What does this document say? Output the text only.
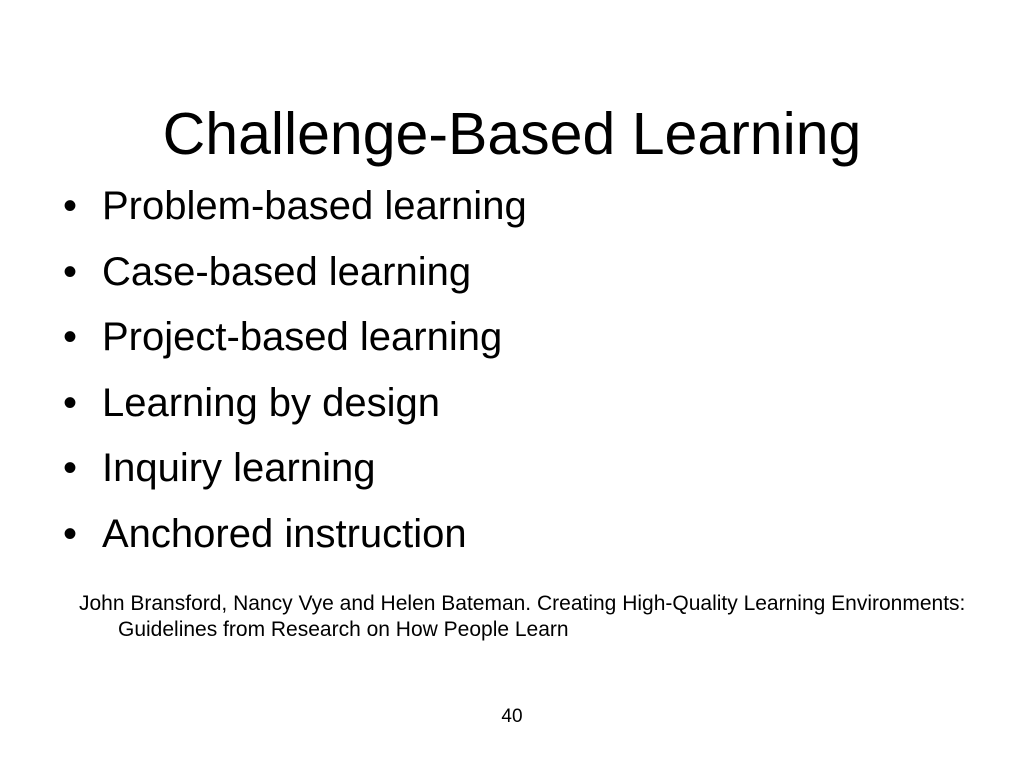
Challenge-Based Learning
• Problem-based learning
• Case-based learning
• Project-based learning
• Learning by design
• Inquiry learning
• Anchored instruction
John Bransford, Nancy Vye and Helen Bateman. Creating High-Quality Learning Environments: Guidelines from Research on How People Learn
40
